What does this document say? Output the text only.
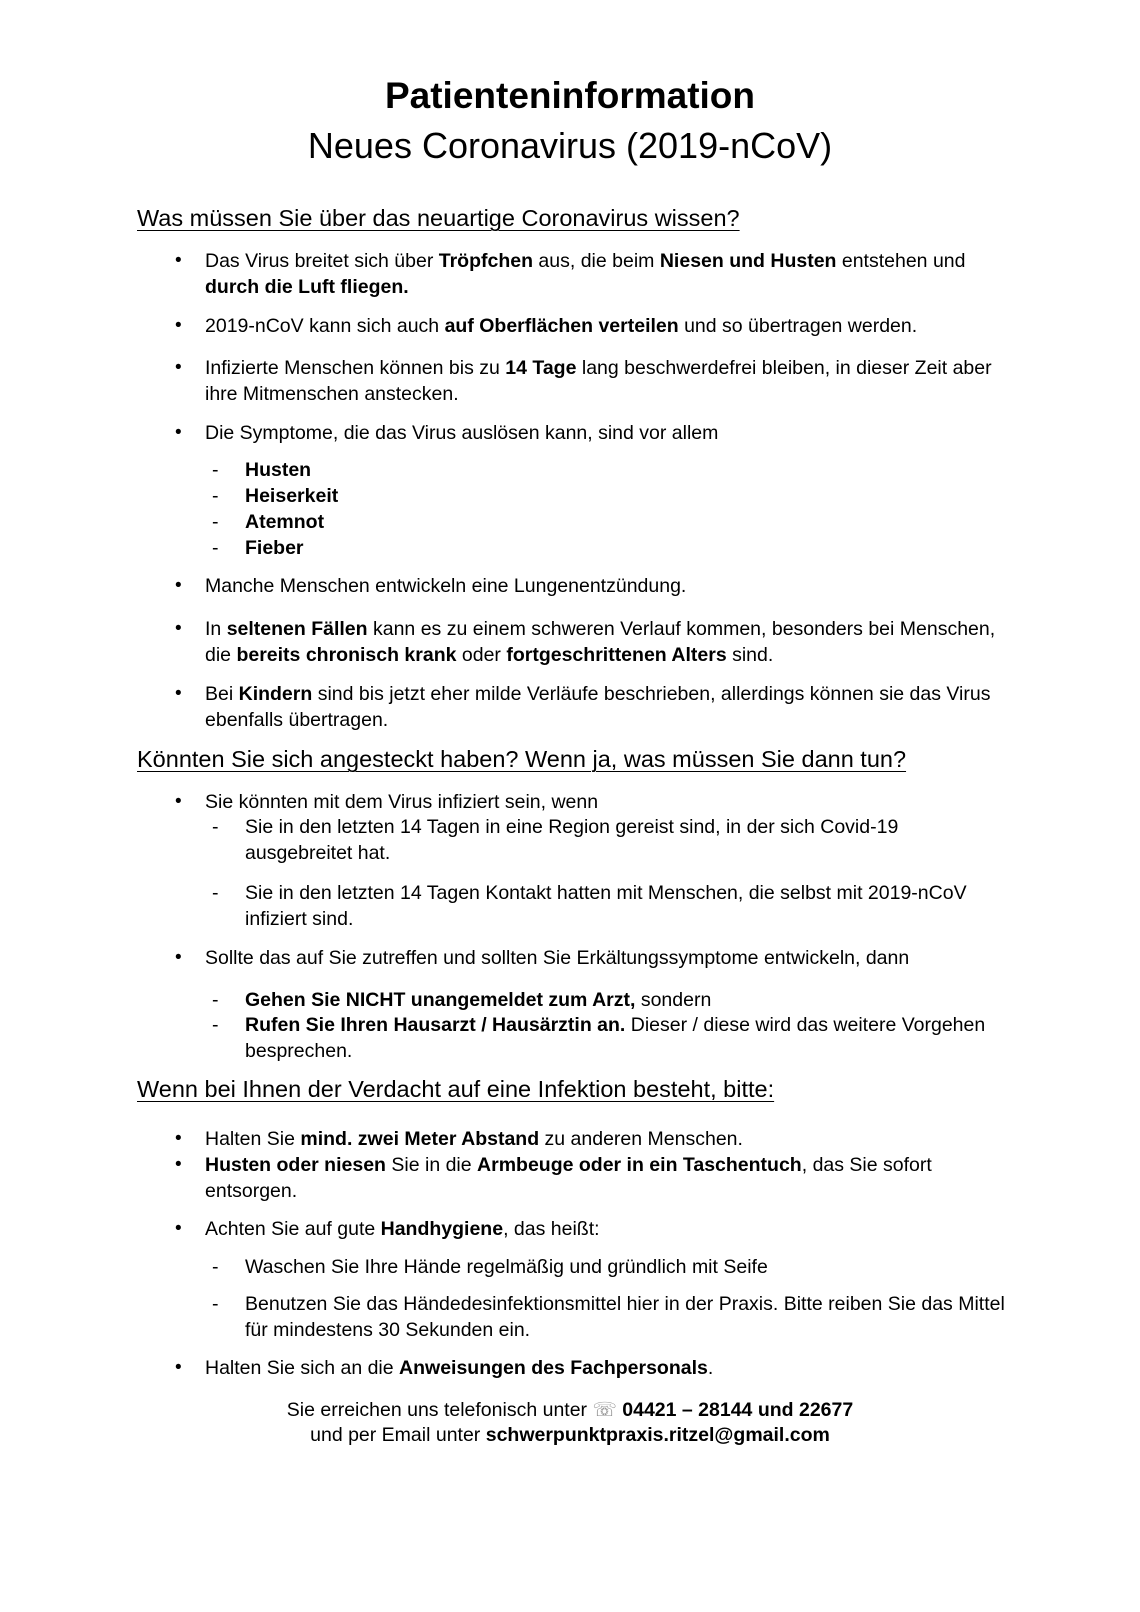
Patienteninformation
Neues Coronavirus (2019-nCoV)
Was müssen Sie über das neuartige Coronavirus wissen?
• Das Virus breitet sich über Tröpfchen aus, die beim Niesen und Husten entstehen und durch die Luft fliegen.
• 2019-nCoV kann sich auch auf Oberflächen verteilen und so übertragen werden.
• Infizierte Menschen können bis zu 14 Tage lang beschwerdefrei bleiben, in dieser Zeit aber ihre Mitmenschen anstecken.
• Die Symptome, die das Virus auslösen kann, sind vor allem
- Husten
- Heiserkeit
- Atemnot
- Fieber
• Manche Menschen entwickeln eine Lungenentzündung.
• In seltenen Fällen kann es zu einem schweren Verlauf kommen, besonders bei Menschen, die bereits chronisch krank oder fortgeschrittenen Alters sind.
• Bei Kindern sind bis jetzt eher milde Verläufe beschrieben, allerdings können sie das Virus ebenfalls übertragen.
Könnten Sie sich angesteckt haben? Wenn ja, was müssen Sie dann tun?
• Sie könnten mit dem Virus infiziert sein, wenn
- Sie in den letzten 14 Tagen in eine Region gereist sind, in der sich Covid-19 ausgebreitet hat.
- Sie in den letzten 14 Tagen Kontakt hatten mit Menschen, die selbst mit 2019-nCoV infiziert sind.
• Sollte das auf Sie zutreffen und sollten Sie Erkältungssymptome entwickeln, dann
- Gehen Sie NICHT unangemeldet zum Arzt, sondern
- Rufen Sie Ihren Hausarzt / Hausärztin an. Dieser / diese wird das weitere Vorgehen besprechen.
Wenn bei Ihnen der Verdacht auf eine Infektion besteht, bitte:
• Halten Sie mind. zwei Meter Abstand zu anderen Menschen.
• Husten oder niesen Sie in die Armbeuge oder in ein Taschentuch, das Sie sofort entsorgen.
• Achten Sie auf gute Handhygiene, das heißt:
- Waschen Sie Ihre Hände regelmäßig und gründlich mit Seife
- Benutzen Sie das Händedesinfektionsmittel hier in der Praxis. Bitte reiben Sie das Mittel für mindestens 30 Sekunden ein.
• Halten Sie sich an die Anweisungen des Fachpersonals.
Sie erreichen uns telefonisch unter ☏ 04421 – 28144 und 22677
und per Email unter schwerpunktpraxis.ritzel@gmail.com
